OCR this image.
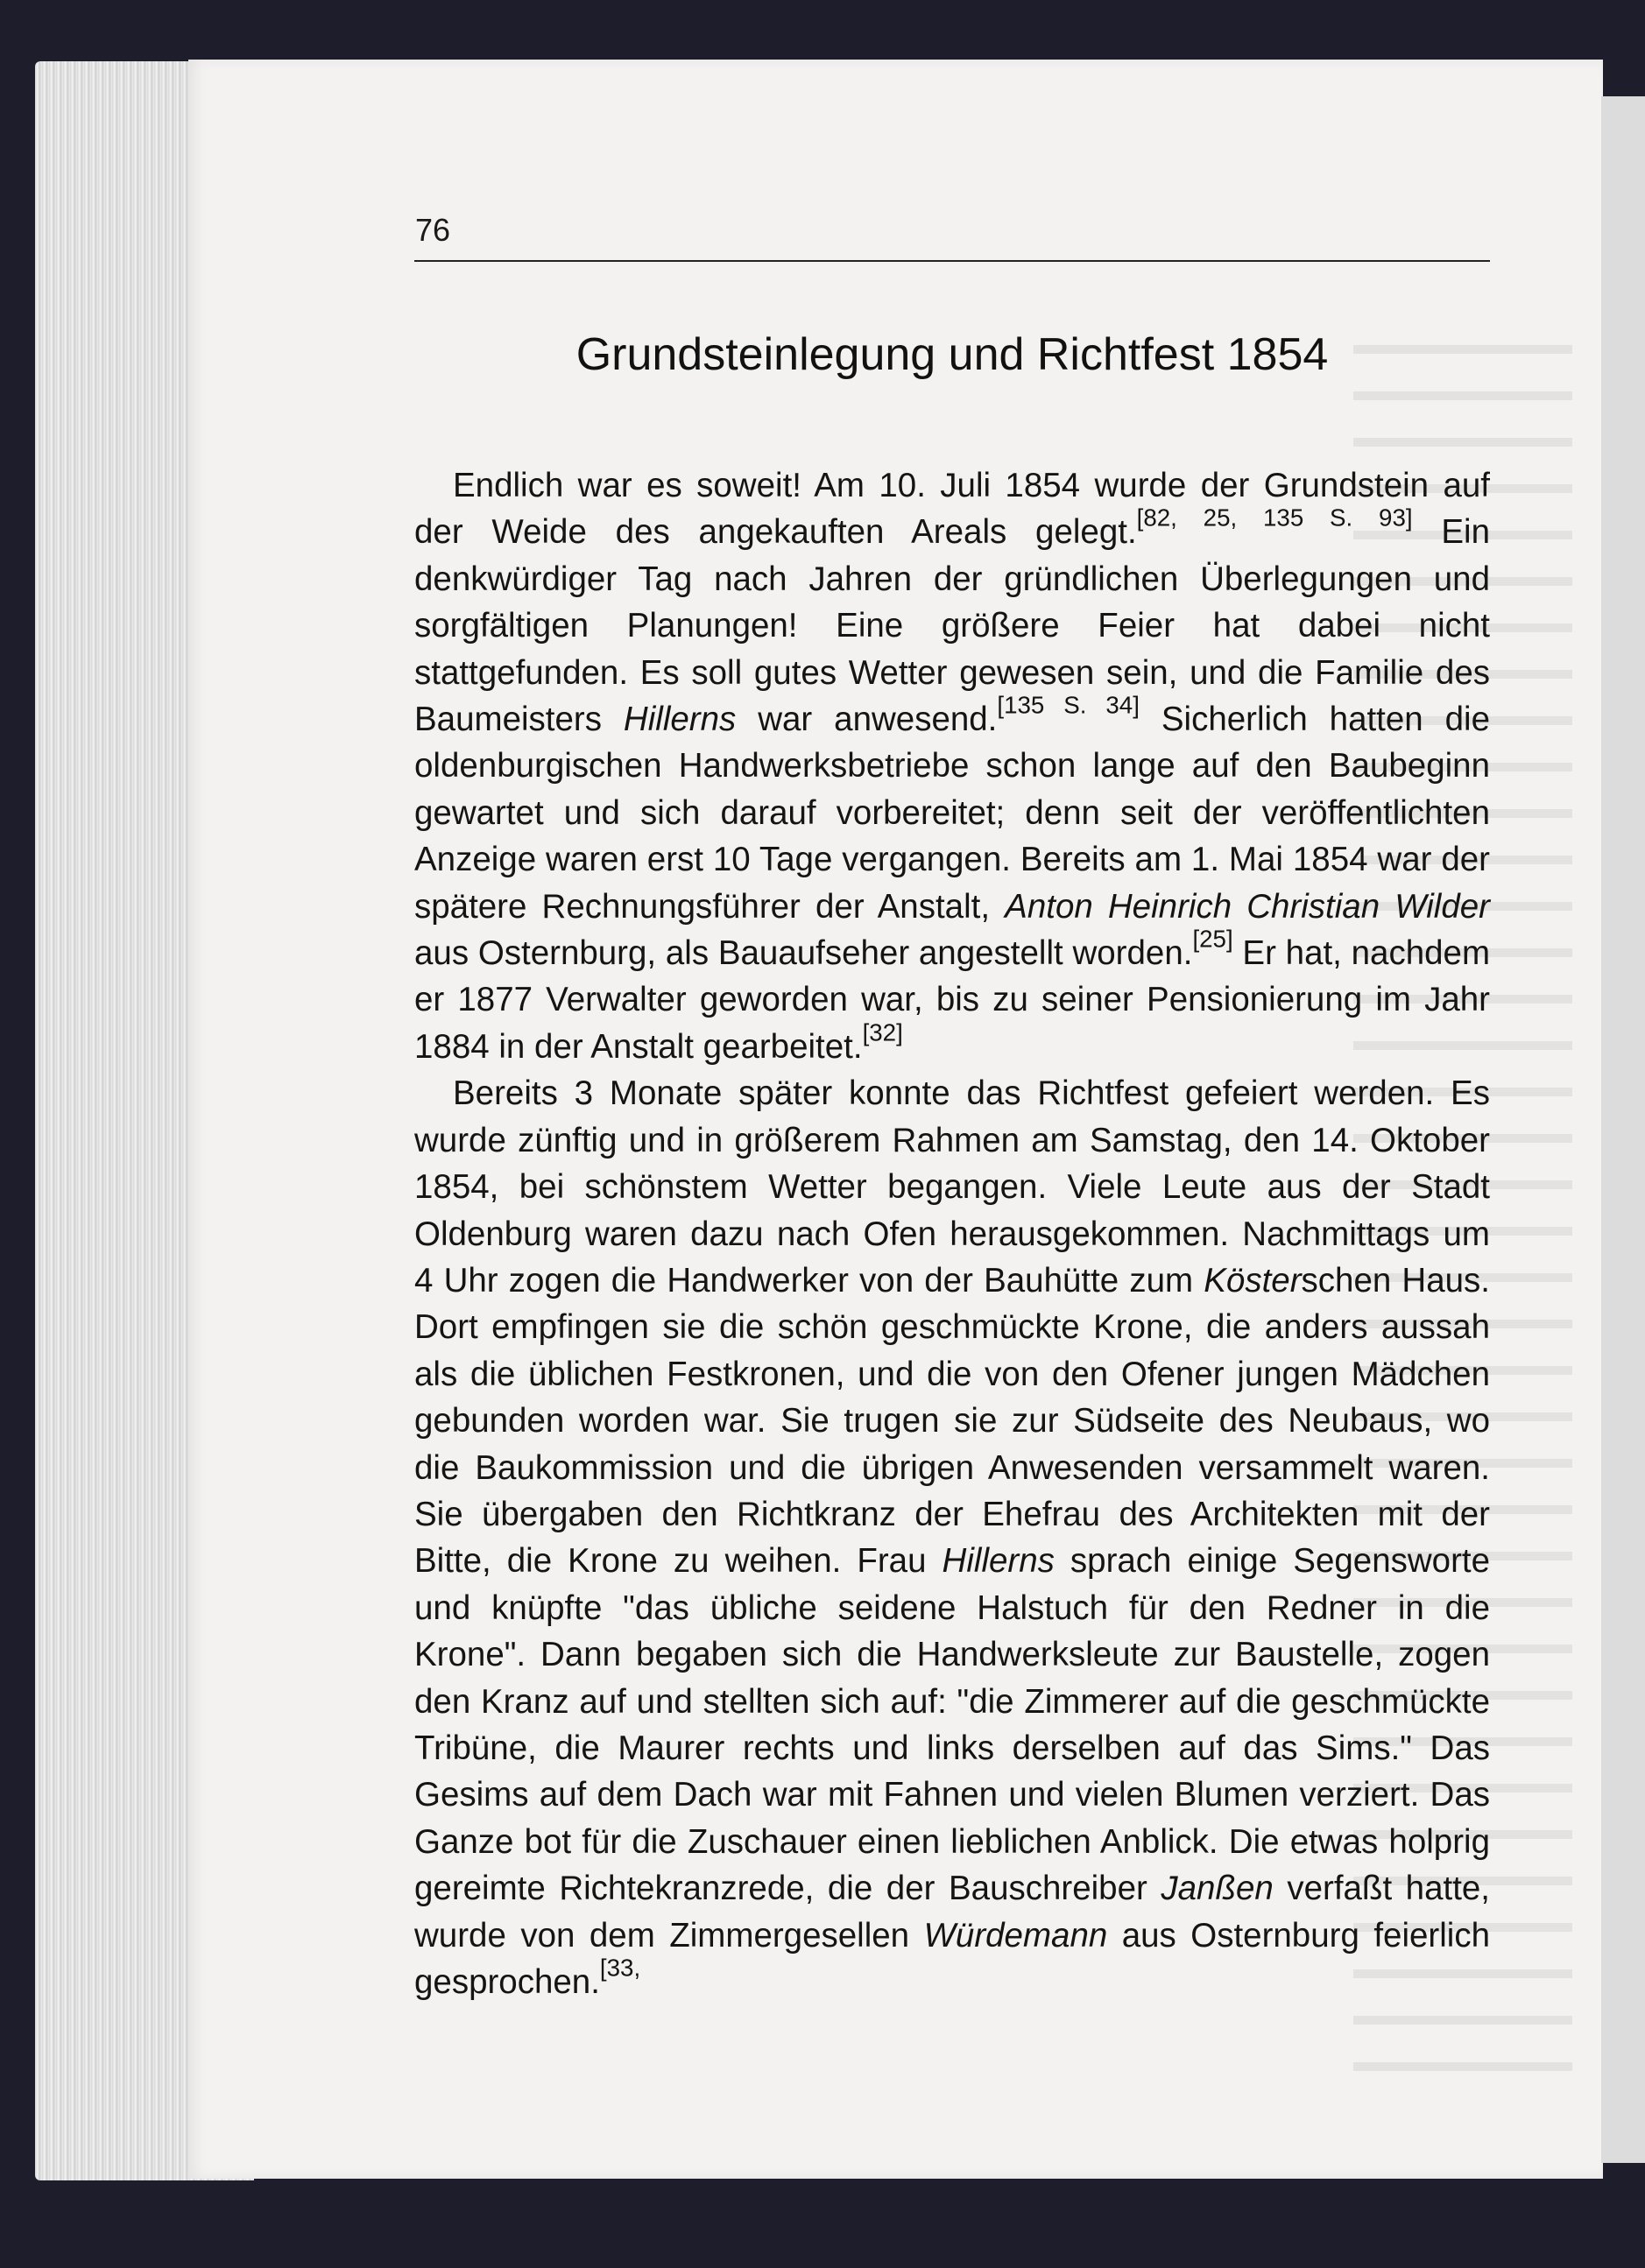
76
Grundsteinlegung und Richtfest 1854

Endlich war es soweit! Am 10. Juli 1854 wurde der Grundstein auf der Weide des angekauften Areals gelegt.[82, 25, 135 S. 93] Ein denkwürdiger Tag nach Jahren der gründlichen Überlegungen und sorgfältigen Planungen! Eine größere Feier hat dabei nicht stattgefunden. Es soll gutes Wetter gewesen sein, und die Familie des Baumeisters Hillerns war anwesend.[135 S. 34] Sicherlich hatten die oldenburgischen Handwerksbetriebe schon lange auf den Baubeginn gewartet und sich darauf vorbereitet; denn seit der veröffentlichten Anzeige waren erst 10 Tage vergangen. Bereits am 1. Mai 1854 war der spätere Rechnungsführer der Anstalt, Anton Heinrich Christian Wilder aus Osternburg, als Bauaufseher angestellt worden.[25] Er hat, nachdem er 1877 Verwalter geworden war, bis zu seiner Pensionierung im Jahr 1884 in der Anstalt gearbeitet.[32]

Bereits 3 Monate später konnte das Richtfest gefeiert werden. Es wurde zünftig und in größerem Rahmen am Samstag, den 14. Oktober 1854, bei schönstem Wetter begangen. Viele Leute aus der Stadt Oldenburg waren dazu nach Ofen herausgekommen. Nachmittags um 4 Uhr zogen die Handwerker von der Bauhütte zum Kösterschen Haus. Dort empfingen sie die schön geschmückte Krone, die anders aussah als die üblichen Festkronen, und die von den Ofener jungen Mädchen gebunden worden war. Sie trugen sie zur Südseite des Neubaus, wo die Baukommission und die übrigen Anwesenden versammelt waren. Sie übergaben den Richtkranz der Ehefrau des Architekten mit der Bitte, die Krone zu weihen. Frau Hillerns sprach einige Segensworte und knüpfte "das übliche seidene Halstuch für den Redner in die Krone". Dann begaben sich die Handwerksleute zur Baustelle, zogen den Kranz auf und stellten sich auf: "die Zimmerer auf die geschmückte Tribüne, die Maurer rechts und links derselben auf das Sims." Das Gesims auf dem Dach war mit Fahnen und vielen Blumen verziert. Das Ganze bot für die Zuschauer einen lieblichen Anblick. Die etwas holprig gereimte Richtekranzrede, die der Bauschreiber Janßen verfaßt hatte, wurde von dem Zimmergesellen Würdemann aus Osternburg feierlich gesprochen.$^{[33,}$
